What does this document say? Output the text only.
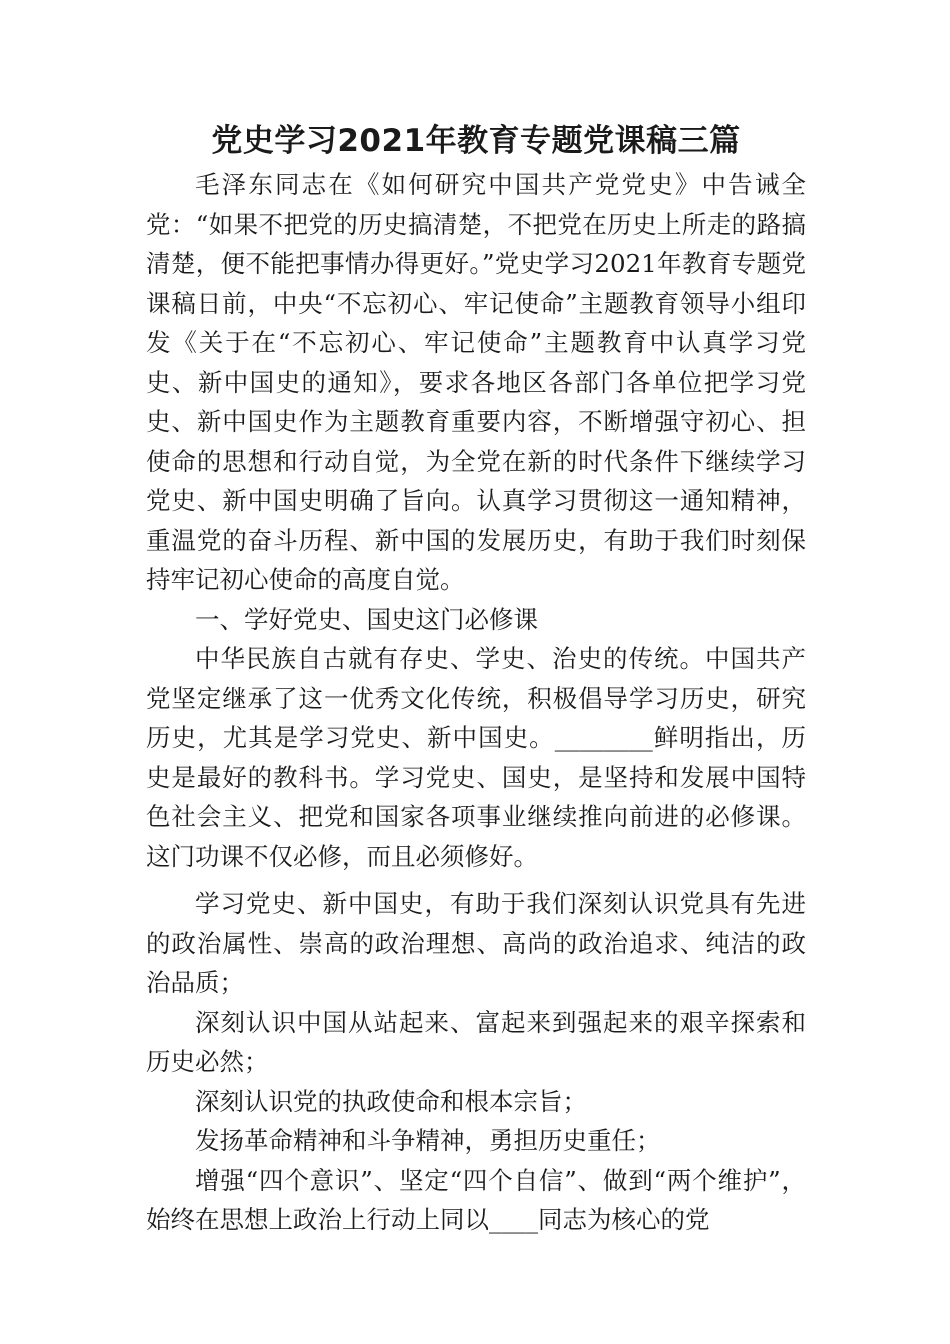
党史学习2021年教育专题党课稿三篇

毛泽东同志在《如何研究中国共产党党史》中告诫全党：“如果不把党的历史搞清楚，不把党在历史上所走的路搞清楚，便不能把事情办得更好。”党史学习2021年教育专题党课稿日前，中央“不忘初心、牢记使命”主题教育领导小组印发《关于在“不忘初心、牢记使命”主题教育中认真学习党史、新中国史的通知》，要求各地区各部门各单位把学习党史、新中国史作为主题教育重要内容，不断增强守初心、担使命的思想和行动自觉，为全党在新的时代条件下继续学习党史、新中国史明确了旨向。认真学习贯彻这一通知精神，重温党的奋斗历程、新中国的发展历史，有助于我们时刻保持牢记初心使命的高度自觉。

一、学好党史、国史这门必修课

中华民族自古就有存史、学史、治史的传统。中国共产党坚定继承了这一优秀文化传统，积极倡导学习历史，研究历史，尤其是学习党史、新中国史。________鲜明指出，历史是最好的教科书。学习党史、国史，是坚持和发展中国特色社会主义、把党和国家各项事业继续推向前进的必修课。这门功课不仅必修，而且必须修好。

学习党史、新中国史，有助于我们深刻认识党具有先进的政治属性、崇高的政治理想、高尚的政治追求、纯洁的政治品质；

深刻认识中国从站起来、富起来到强起来的艰辛探索和历史必然；

深刻认识党的执政使命和根本宗旨；

发扬革命精神和斗争精神，勇担历史重任；

增强“四个意识”、坚定“四个自信”、做到“两个维护”，始终在思想上政治上行动上同以____同志为核心的党
